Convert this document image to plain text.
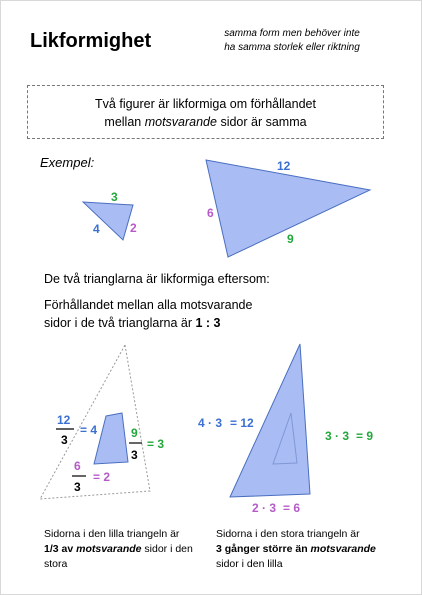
Likformighet	samma form men behöver inte ha samma storlek eller riktning
Två figurer är likformiga om förhållandet
mellan motsvarande sidor är samma
Exempel:
3
4	2
12
6
9
12
3
= 4	9
3
= 3
6
3
= 2
4 · 3 = 12
3 · 3 = 9
2 · 3 = 6
De två trianglarna är likformiga eftersom:
Förhållandet mellan alla motsvarande
sidor i de två trianglarna är 1 : 3
Sidorna i den lilla triangeln är
1/3 av motsvarande sidor i den stora
Sidorna i den stora triangeln är
3 gånger större än motsvarande sidor i den lilla
